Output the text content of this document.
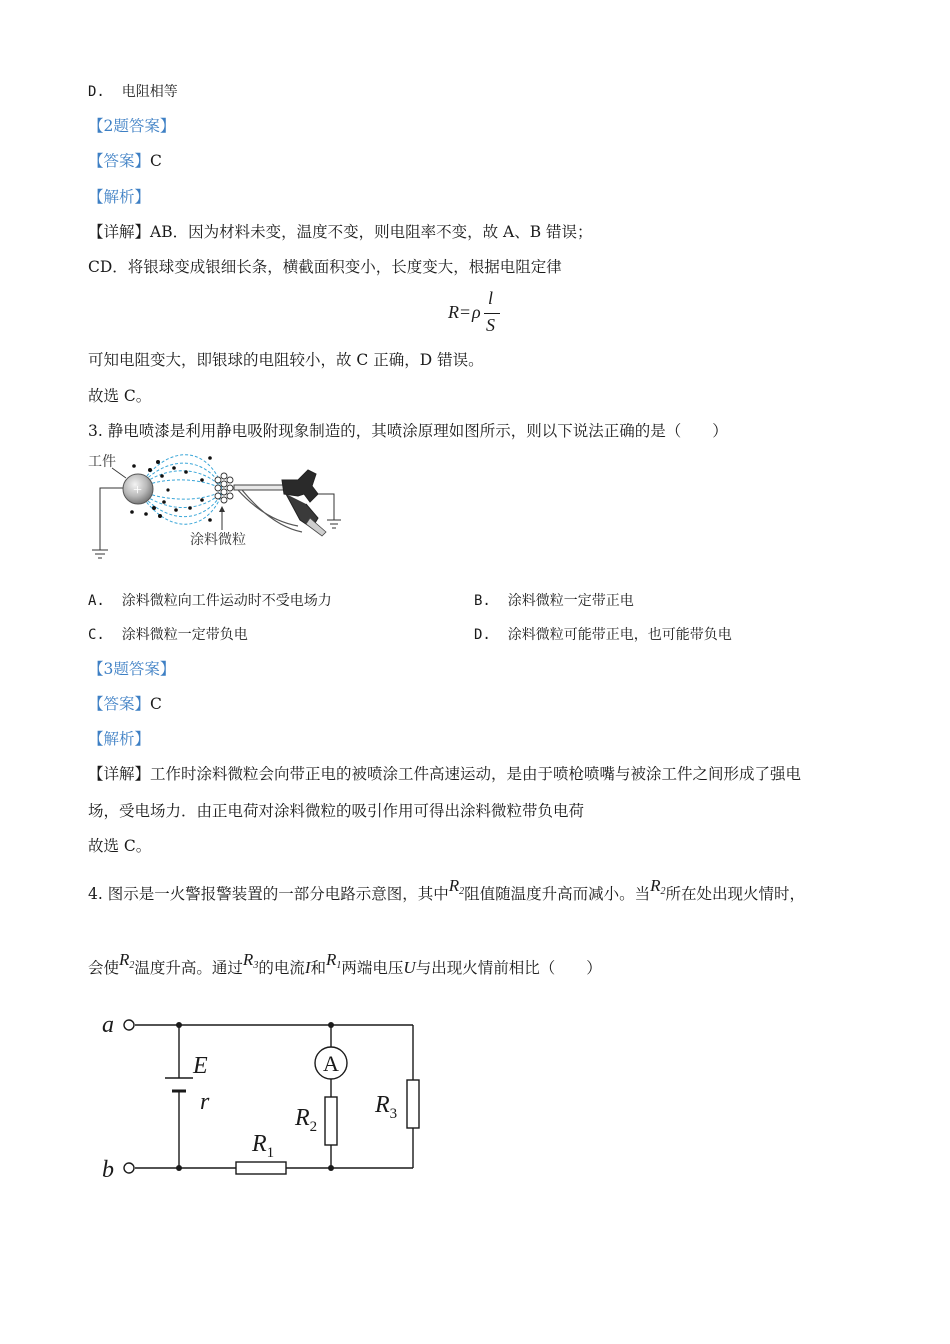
D.  电阻相等
【2题答案】
【答案】C
【解析】
【详解】AB．因为材料未变，温度不变，则电阻率不变，故 A、B 错误；
CD．将银球变成银细长条，横截面积变小，长度变大，根据电阻定律
R = ρ
l
S
可知电阻变大，即银球的电阻较小，故 C 正确，D 错误。
故选 C。
3. 静电喷漆是利用静电吸附现象制造的，其喷涂原理如图所示，则以下说法正确的是（　　）
+
工件
涂料微粒
A.  涂料微粒向工件运动时不受电场力	B.  涂料微粒一定带正电
C.  涂料微粒一定带负电	D.  涂料微粒可能带正电，也可能带负电
【3题答案】
【答案】C
【解析】
【详解】工作时涂料微粒会向带正电的被喷涂工件高速运动，是由于喷枪喷嘴与被涂工件之间形成了强电
场，受电场力．由正电荷对涂料微粒的吸引作用可得出涂料微粒带负电荷
故选 C。
4. 图示是一火警报警装置的一部分电路示意图，其中$R_2$阻值随温度升高而减小。当$R_2$所在处出现火情时，
会使$R_2$温度升高。通过$R_3$的电流I和$R_1$两端电压U与出现火情前相比（　　）
A
a
b
E
r
$R_2$
$R_3$
$R_1$
